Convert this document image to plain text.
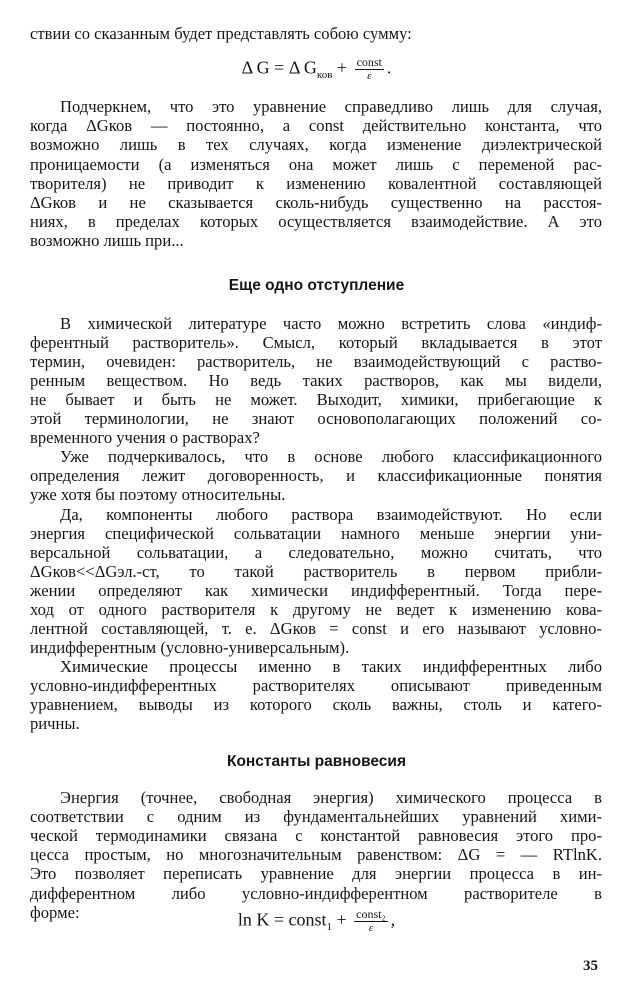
ствии со сказанным будет представлять собою сумму:

Δ G = Δ $G_{ков} + \frac{\text{const}}{\varepsilon}$ .

Подчеркнем, что это уравнение справедливо лишь для случая,

когда ΔGков — постоянно, а const действительно константа, что

возможно лишь в тех случаях, когда изменение диэлектрической

проницаемости (а изменяться она может лишь с переменой рас-

творителя) не приводит к изменению ковалентной составляющей

ΔGков и не сказывается сколь-нибудь существенно на расстоя-

ниях, в пределах которых осуществляется взаимодействие. А это

возможно лишь при...

Еще одно отступление

В химической литературе часто можно встретить слова «индиф-

ферентный растворитель». Смысл, который вкладывается в этот

термин, очевиден: растворитель, не взаимодействующий с раство-

ренным веществом. Но ведь таких растворов, как мы видели,

не бывает и быть не может. Выходит, химики, прибегающие к

этой терминологии, не знают основополагающих положений со-

временного учения о растворах?

Уже подчеркивалось, что в основе любого классификационного

определения лежит договоренность, и классификационные понятия

уже хотя бы поэтому относительны.

Да, компоненты любого раствора взаимодействуют. Но если

энергия специфической сольватации намного меньше энергии уни-

версальной сольватации, а следовательно, можно считать, что

ΔGков<<ΔGэл.-ст, то такой растворитель в первом прибли-

жении определяют как химически индифферентный. Тогда пере-

ход от одного растворителя к другому не ведет к изменению кова-

лентной составляющей, т. е. ΔGков = const и его называют условно-

индифферентным (условно-универсальным).

Химические процессы именно в таких индифферентных либо

условно-индифферентных растворителях описывают приведенным

уравнением, выводы из которого сколь важны, столь и катего-

ричны.

Константы равновесия

Энергия (точнее, свободная энергия) химического процесса в

соответствии с одним из фундаментальнейших уравнений хими-

ческой термодинамики связана с константой равновесия этого про-

цесса простым, но многозначительным равенством: ΔG = — RTlnK.

Это позволяет переписать уравнение для энергии процесса в ин-

дифферентном либо условно-индифферентном растворителе в

форме:	ln K = const$_1$ + $\frac{\text{const₂}}{\varepsilon}$ ,
35
